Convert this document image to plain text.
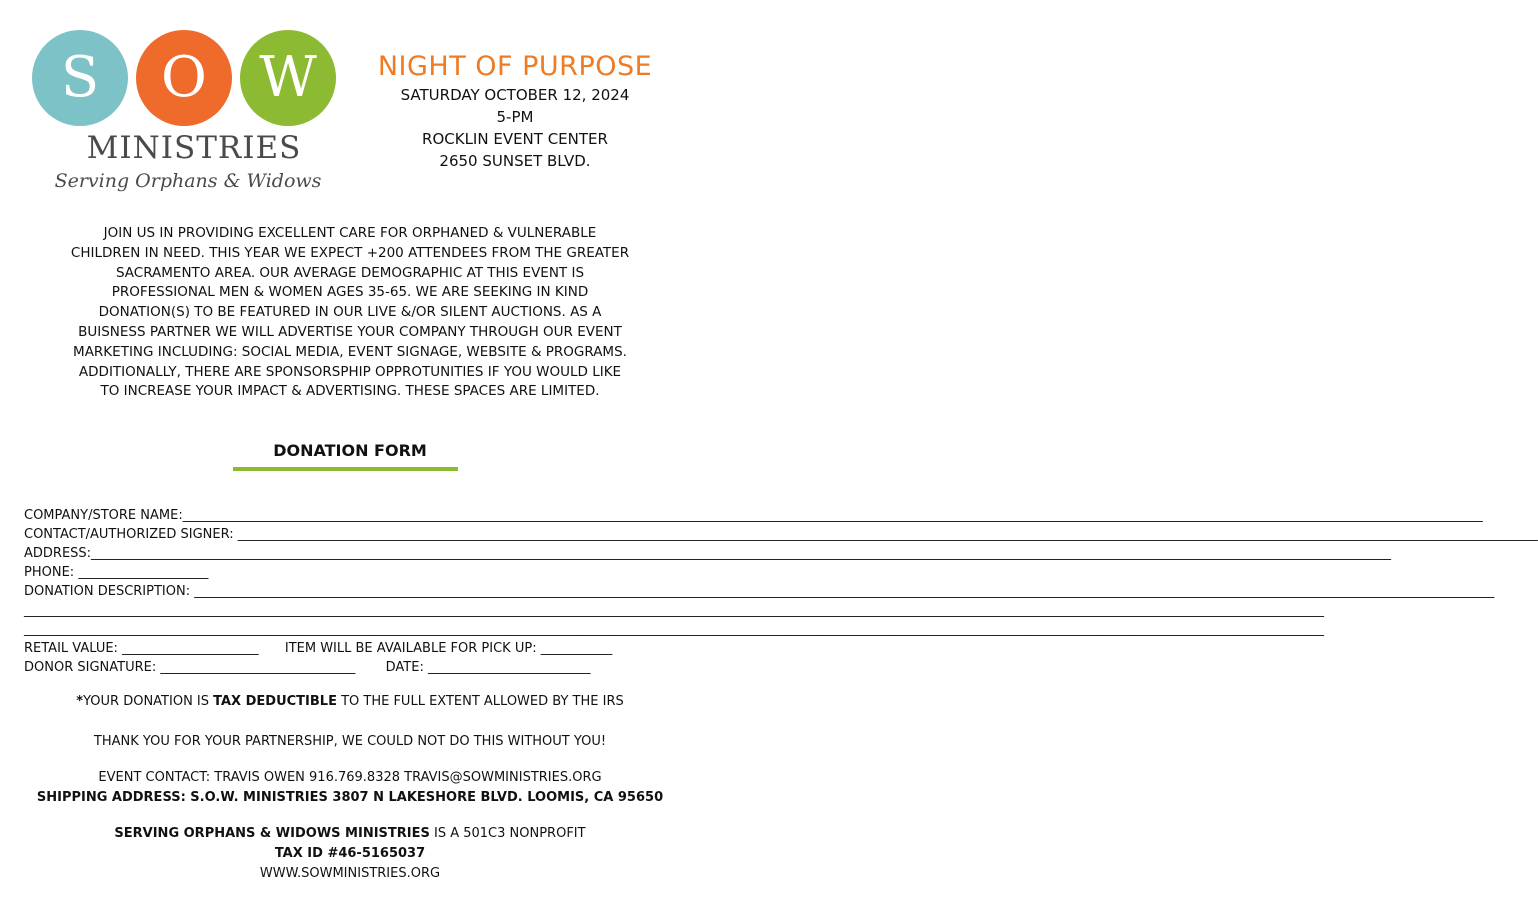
S	O W
MINISTRIES
Serving Orphans & Widows
NIGHT OF PURPOSE
SATURDAY OCTOBER 12, 2024
5-PM
ROCKLIN EVENT CENTER
2650 SUNSET BLVD.
JOIN US IN PROVIDING EXCELLENT CARE FOR ORPHANED & VULNERABLE
CHILDREN IN NEED. THIS YEAR WE EXPECT +200 ATTENDEES FROM THE GREATER
SACRAMENTO AREA. OUR AVERAGE DEMOGRAPHIC AT THIS EVENT IS
PROFESSIONAL MEN & WOMEN AGES 35-65. WE ARE SEEKING IN KIND
DONATION(S) TO BE FEATURED IN OUR LIVE &/OR SILENT AUCTIONS. AS A
BUISNESS PARTNER WE WILL ADVERTISE YOUR COMPANY THROUGH OUR EVENT
MARKETING INCLUDING: SOCIAL MEDIA, EVENT SIGNAGE, WEBSITE & PROGRAMS.
ADDITIONALLY, THERE ARE SPONSORSPHIP OPPROTUNITIES IF YOU WOULD LIKE
TO INCREASE YOUR IMPACT & ADVERTISING. THESE SPACES ARE LIMITED.
DONATION FORM
COMPANY/STORE NAME:________________________________________________________________________________________________________________________________________________________________________________________________________
CONTACT/AUTHORIZED SIGNER: ________________________________________________________________________________________________________________________________________________________________________________________________________
ADDRESS:________________________________________________________________________________________________________________________________________________________________________________________________________
PHONE: ____________________
DONATION DESCRIPTION: ________________________________________________________________________________________________________________________________________________________________________________________________________
________________________________________________________________________________________________________________________________________________________________________________________________________
________________________________________________________________________________________________________________________________________________________________________________________________________
RETAIL VALUE: _____________________ ITEM WILL BE AVAILABLE FOR PICK UP: ___________
DONOR SIGNATURE: ______________________________ DATE: _________________________
*YOUR DONATION IS TAX DEDUCTIBLE TO THE FULL EXTENT ALLOWED BY THE IRS
THANK YOU FOR YOUR PARTNERSHIP, WE COULD NOT DO THIS WITHOUT YOU!
EVENT CONTACT: TRAVIS OWEN 916.769.8328 TRAVIS@SOWMINISTRIES.ORG
SHIPPING ADDRESS: S.O.W. MINISTRIES 3807 N LAKESHORE BLVD. LOOMIS, CA 95650
SERVING ORPHANS & WIDOWS MINISTRIES IS A 501C3 NONPROFIT
TAX ID #46-5165037
WWW.SOWMINISTRIES.ORG
